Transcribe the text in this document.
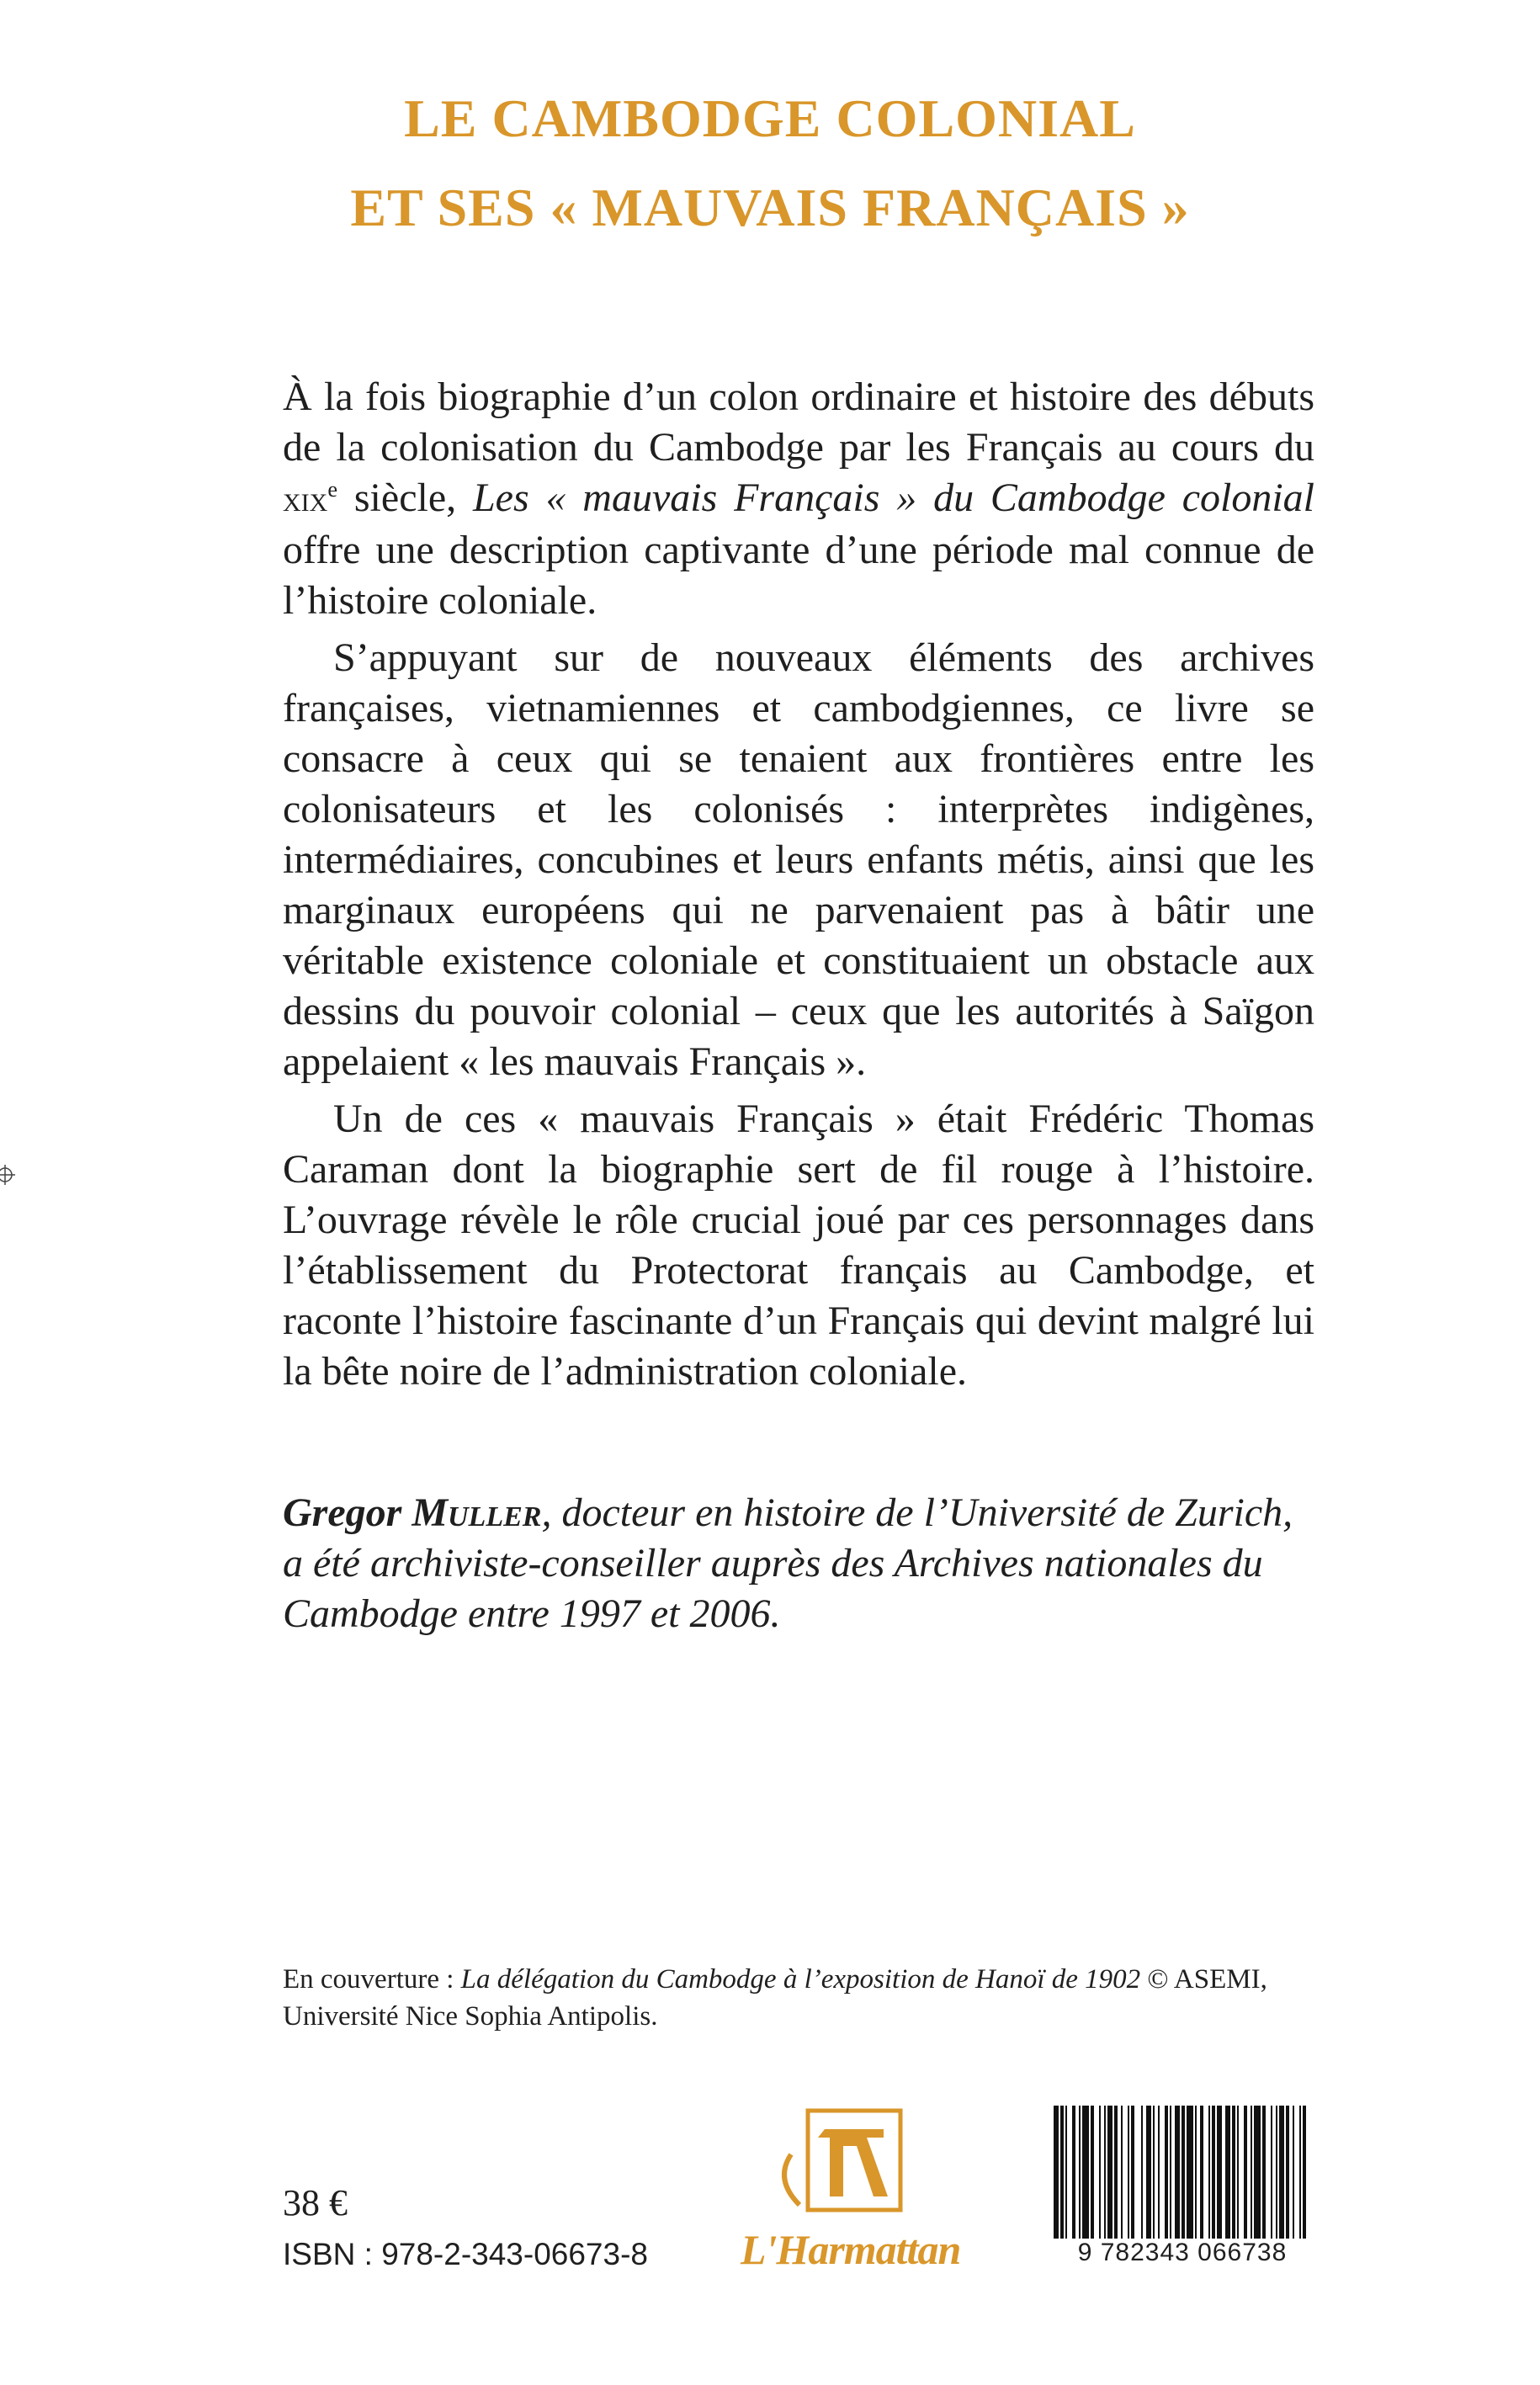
LE CAMBODGE COLONIAL
ET SES « MAUVAIS FRANÇAIS »

À la fois biographie d’un colon ordinaire et histoire des débuts de la colonisation du Cambodge par les Français au cours du xix$^e$ siècle, Les « mauvais Français » du Cambodge colonial offre une description captivante d’une période mal connue de l’histoire coloniale.

S’appuyant sur de nouveaux éléments des archives françaises, vietnamiennes et cambodgiennes, ce livre se consacre à ceux qui se tenaient aux frontières entre les colonisateurs et les colonisés : interprètes indigènes, intermédiaires, concubines et leurs enfants métis, ainsi que les marginaux européens qui ne parvenaient pas à bâtir une véritable existence coloniale et constituaient un obstacle aux dessins du pouvoir colonial – ceux que les autorités à Saïgon appelaient « les mauvais Français ».

Un de ces « mauvais Français » était Frédéric Thomas Caraman dont la biographie sert de fil rouge à l’histoire. L’ouvrage révèle le rôle crucial joué par ces personnages dans l’établissement du Protectorat français au Cambodge, et raconte l’histoire fascinante d’un Français qui devint malgré lui la bête noire de l’administration coloniale.

Gregor Muller, docteur en histoire de l’Université de Zurich, a été archiviste-conseiller auprès des Archives nationales du Cambodge entre 1997 et 2006.
En couverture : La délégation du Cambodge à l’exposition de Hanoï de 1902 © ASEMI, Université Nice Sophia Antipolis.
L'Harmattan	9 782343 066738
38 €
ISBN : 978-2-343-06673-8
